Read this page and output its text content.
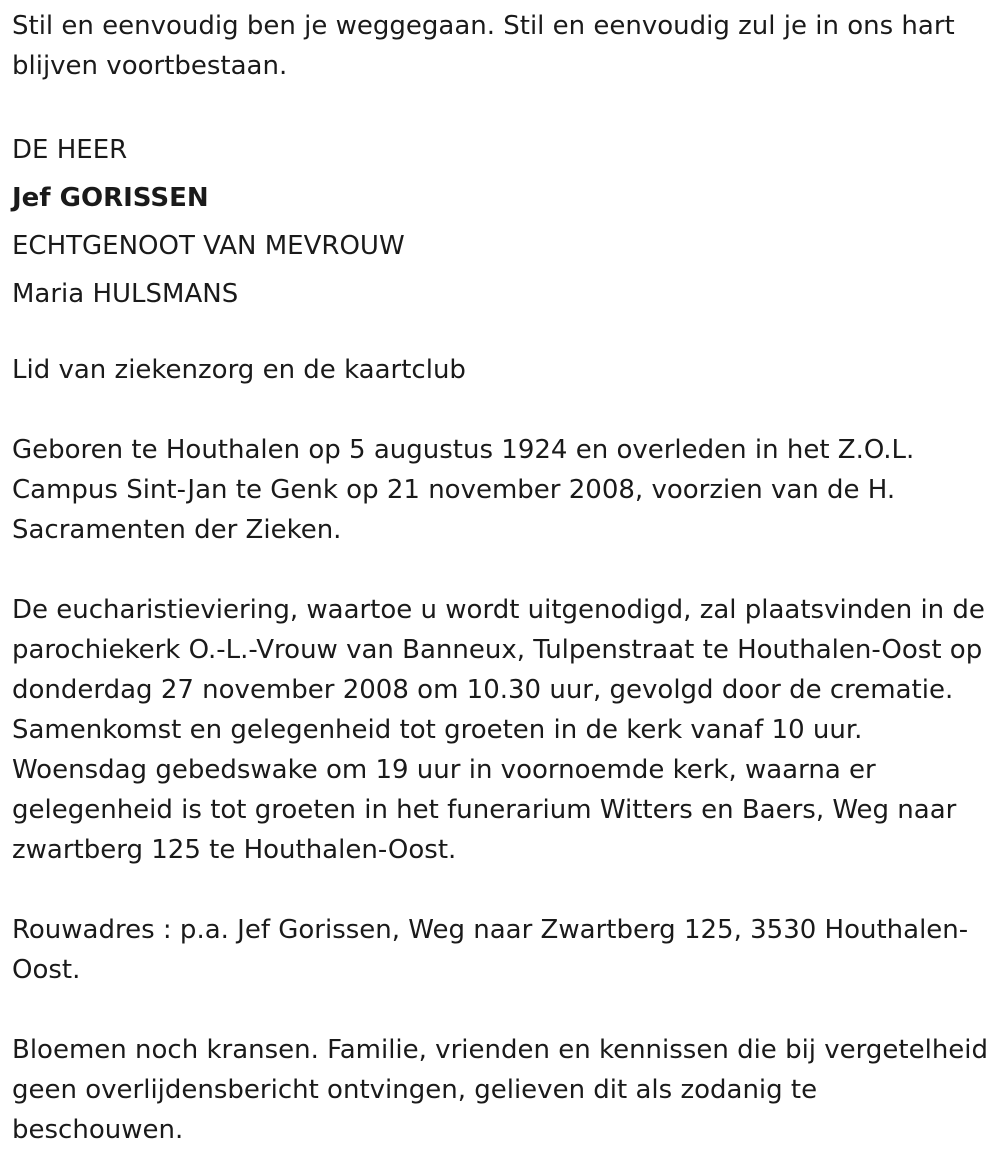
Stil en eenvoudig ben je weggegaan. Stil en eenvoudig zul je in ons hart blijven voortbestaan.

DE HEER

Jef GORISSEN

ECHTGENOOT VAN MEVROUW

Maria HULSMANS

Lid van ziekenzorg en de kaartclub

Geboren te Houthalen op 5 augustus 1924 en overleden in het Z.O.L. Campus Sint-Jan te Genk op 21 november 2008, voorzien van de H. Sacramenten der Zieken.

De eucharistieviering, waartoe u wordt uitgenodigd, zal plaatsvinden in de parochiekerk O.-L.-Vrouw van Banneux, Tulpenstraat te Houthalen-Oost op donderdag 27 november 2008 om 10.30 uur, gevolgd door de crematie. Samenkomst en gelegenheid tot groeten in de kerk vanaf 10 uur. Woensdag gebedswake om 19 uur in voornoemde kerk, waarna er gelegenheid is tot groeten in het funerarium Witters en Baers, Weg naar zwartberg 125 te Houthalen-Oost.

Rouwadres : p.a. Jef Gorissen, Weg naar Zwartberg 125, 3530 Houthalen-Oost.

Bloemen noch kransen. Familie, vrienden en kennissen die bij vergetelheid geen overlijdensbericht ontvingen, gelieven dit als zodanig te beschouwen.
